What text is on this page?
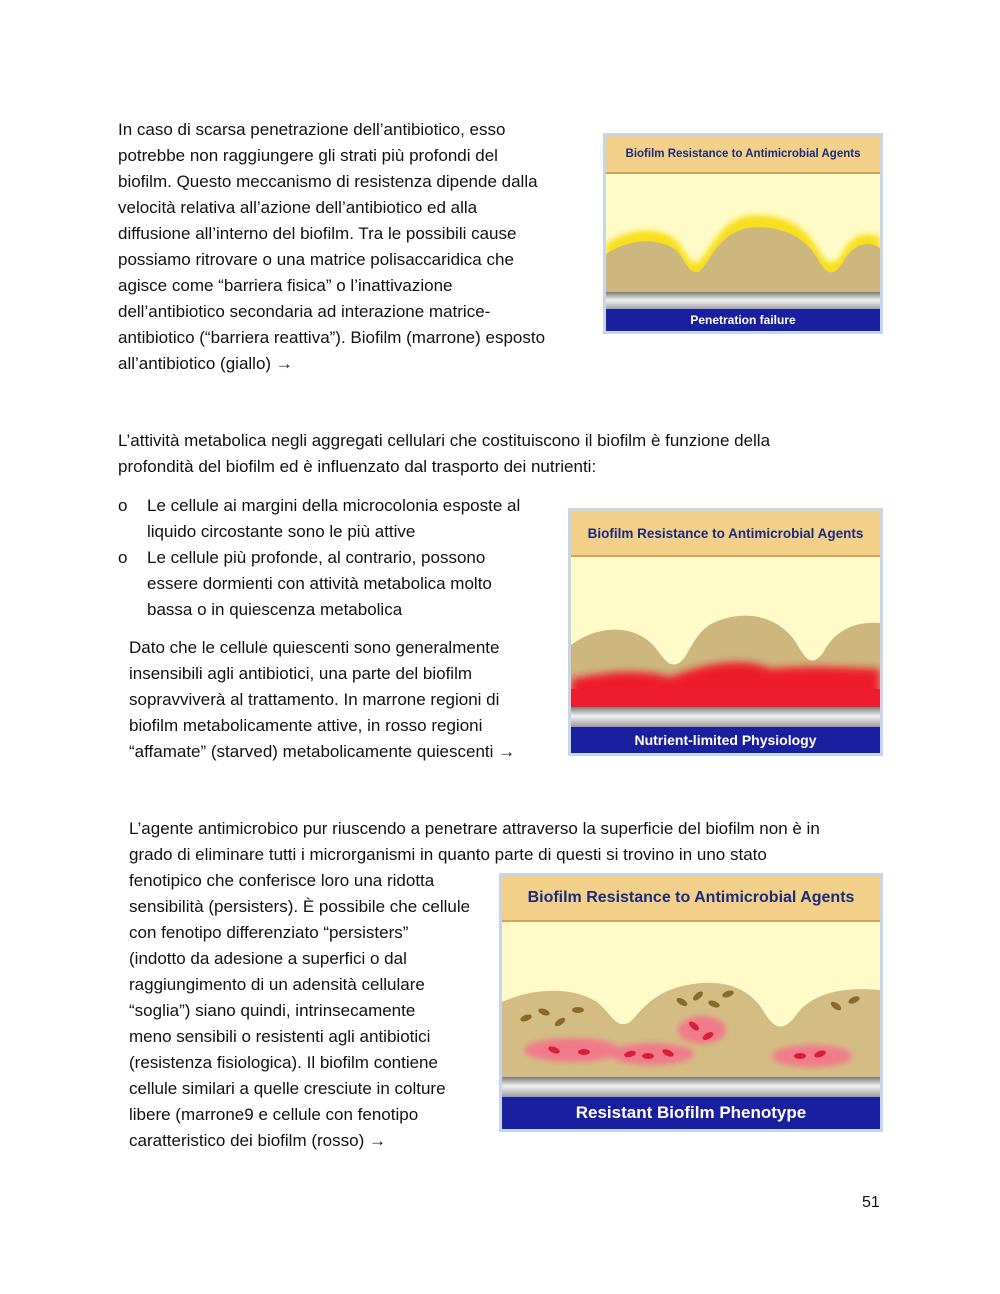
In caso di scarsa penetrazione dell’antibiotico, esso
potrebbe non raggiungere gli strati più profondi del
biofilm. Questo meccanismo di resistenza dipende dalla
velocità relativa all’azione dell’antibiotico ed alla
diffusione all’interno del biofilm. Tra le possibili cause
possiamo ritrovare o una matrice polisaccaridica che
agisce come “barriera fisica” o l’inattivazione
dell’antibiotico secondaria ad interazione matrice-
antibiotico (“barriera reattiva”). Biofilm (marrone) esposto
all’antibiotico (giallo) →
Biofilm Resistance to Antimicrobial Agents
Penetration failure
L’attività metabolica negli aggregati cellulari che costituiscono il biofilm è funzione della
profondità del biofilm ed è influenzato dal trasporto dei nutrienti:
o Le cellule ai margini della microcolonia esposte al
liquido circostante sono le più attive
o Le cellule più profonde, al contrario, possono
essere dormienti con attività metabolica molto
bassa o in quiescenza metabolica
Dato che le cellule quiescenti sono generalmente
insensibili agli antibiotici, una parte del biofilm
sopravviverà al trattamento. In marrone regioni di
biofilm metabolicamente attive, in rosso regioni
“affamate” (starved) metabolicamente quiescenti →
Biofilm Resistance to Antimicrobial Agents
Nutrient-limited Physiology
L’agente antimicrobico pur riuscendo a penetrare attraverso la superficie del biofilm non è in
grado di eliminare tutti i microrganismi in quanto parte di questi si trovino in uno stato
fenotipico che conferisce loro una ridotta
sensibilità (persisters). È possibile che cellule
con fenotipo differenziato “persisters”
(indotto da adesione a superfici o dal
raggiungimento di un adensità cellulare
“soglia”) siano quindi, intrinsecamente
meno sensibili o resistenti agli antibiotici
(resistenza fisiologica). Il biofilm contiene
cellule similari a quelle cresciute in colture
libere (marrone9 e cellule con fenotipo
caratteristico dei biofilm (rosso) →
Biofilm Resistance to Antimicrobial Agents
Resistant Biofilm Phenotype
51
